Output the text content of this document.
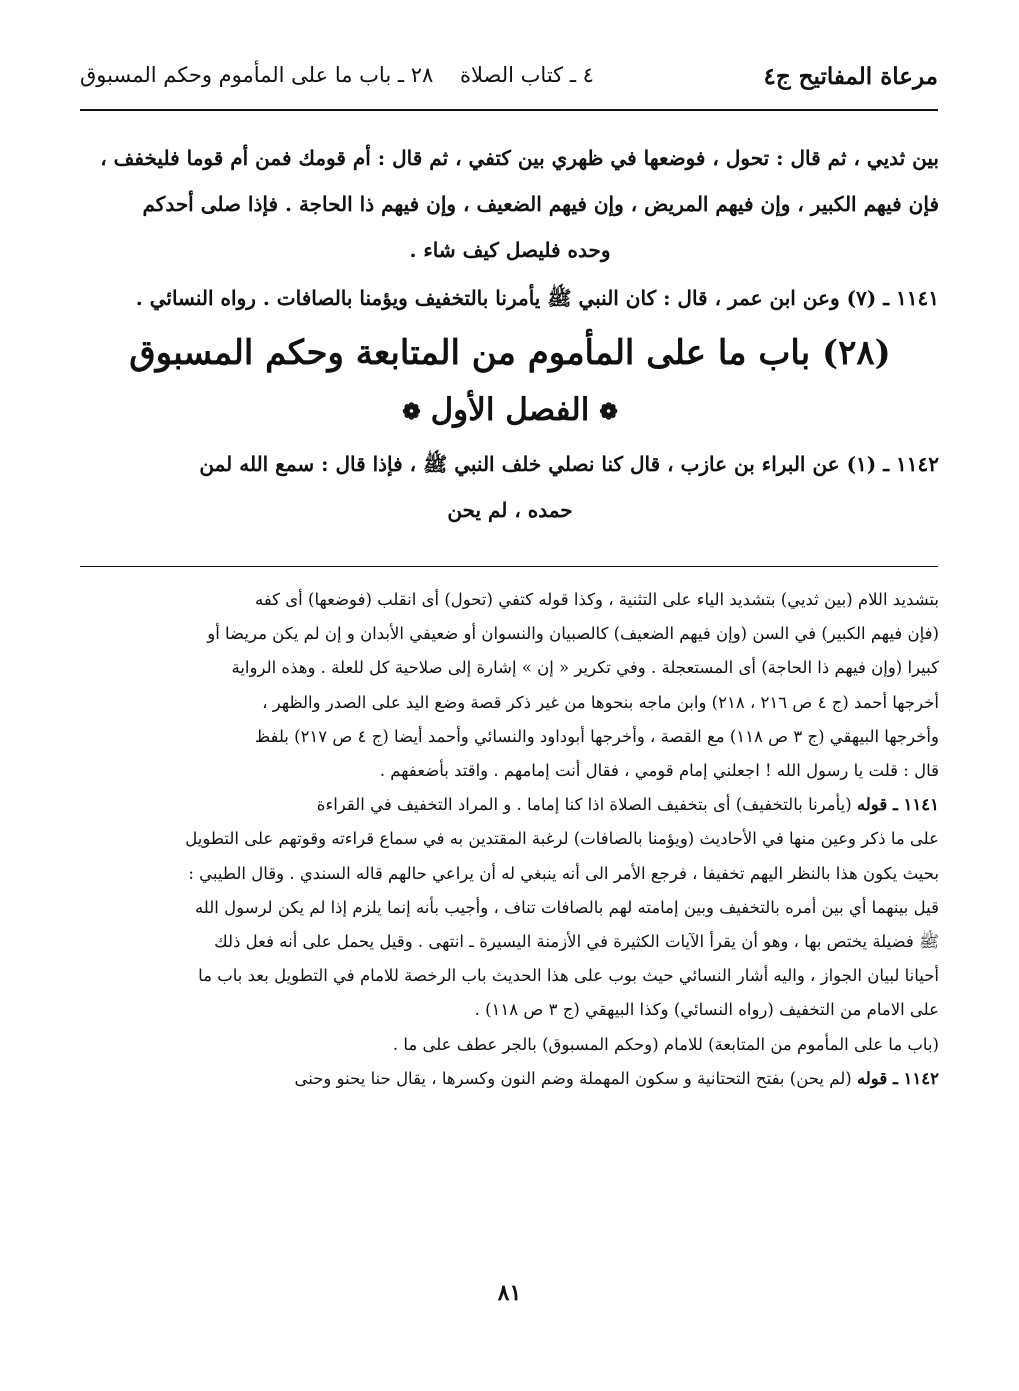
مرعاة المفاتيح ج٤
٤ ـ كتاب الصلاة
٢٨ ـ باب ما على المأموم وحكم المسبوق

بين ثديي ، ثم قال : تحول ، فوضعها في ظهري بين كتفي ، ثم قال : أم قومك فمن أم قوما فليخفف ،

فإن فيهم الكبير ، وإن فيهم المريض ، وإن فيهم الضعيف ، وإن فيهم ذا الحاجة . فإذا صلى أحدكم

وحده فليصل كيف شاء .

١١٤١ ـ (٧) وعن ابن عمر ، قال : كان النبي ﷺ يأمرنا بالتخفيف ويؤمنا بالصافات . رواه النسائي .

(٢٨) باب ما على المأموم من المتابعة وحكم المسبوق
❁الفصل الأول❁

١١٤٢ ـ (١) عن البراء بن عازب ، قال كنا نصلي خلف النبي ﷺ ، فإذا قال : سمع الله لمن

حمده ، لم يحن

بتشديد اللام (بين ثديي) بتشديد الياء على التثنية ، وكذا قوله كتفي (تحول) أى انقلب (فوضعها) أى كفه

(فإن فيهم الكبير) في السن (وإن فيهم الضعيف) كالصبيان والنسوان أو ضعيفي الأبدان و إن لم يكن مريضا أو

كبيرا (وإن فيهم ذا الحاجة) أى المستعجلة . وفي تكرير « إن » إشارة إلى صلاحية كل للعلة . وهذه الرواية

أخرجها أحمد (ج ٤ ص ٢١٦ ، ٢١٨) وابن ماجه بنحوها من غير ذكر قصة وضع اليد على الصدر والظهر ،

وأخرجها البيهقي (ج ٣ ص ١١٨) مع القصة ، وأخرجها أبوداود والنسائي وأحمد أيضا (ج ٤ ص ٢١٧) بلفظ

قال : قلت يا رسول الله ! اجعلني إمام قومي ، فقال أنت إمامهم . واقتد بأضعفهم .

١١٤١ ـ قوله (يأمرنا بالتخفيف) أى بتخفيف الصلاة اذا كنا إماما . و المراد التخفيف في القراءة

على ما ذكر وعين منها في الأحاديث (ويؤمنا بالصافات) لرغبة المقتدين به في سماع قراءته وقوتهم على التطويل

بحيث يكون هذا بالنظر اليهم تخفيفا ، فرجع الأمر الى أنه ينبغي له أن يراعي حالهم قاله السندي . وقال الطيبي :

قيل بينهما أي بين أمره بالتخفيف وبين إمامته لهم بالصافات تناف ، وأجيب بأنه إنما يلزم إذا لم يكن لرسول الله

ﷺ فضيلة يختص بها ، وهو أن يقرأ الآيات الكثيرة في الأزمنة اليسيرة ـ انتهى . وقيل يحمل على أنه فعل ذلك

أحيانا لبيان الجواز ، واليه أشار النسائي حيث بوب على هذا الحديث باب الرخصة للامام في التطويل بعد باب ما

على الامام من التخفيف (رواه النسائي) وكذا البيهقي (ج ٣ ص ١١٨) .

(باب ما على المأموم من المتابعة) للامام (وحكم المسبوق) بالجر عطف على ما .

١١٤٢ ـ قوله (لم يحن) بفتح التحتانية و سكون المهملة وضم النون وكسرها ، يقال حنا يحنو وحنى

٨١
